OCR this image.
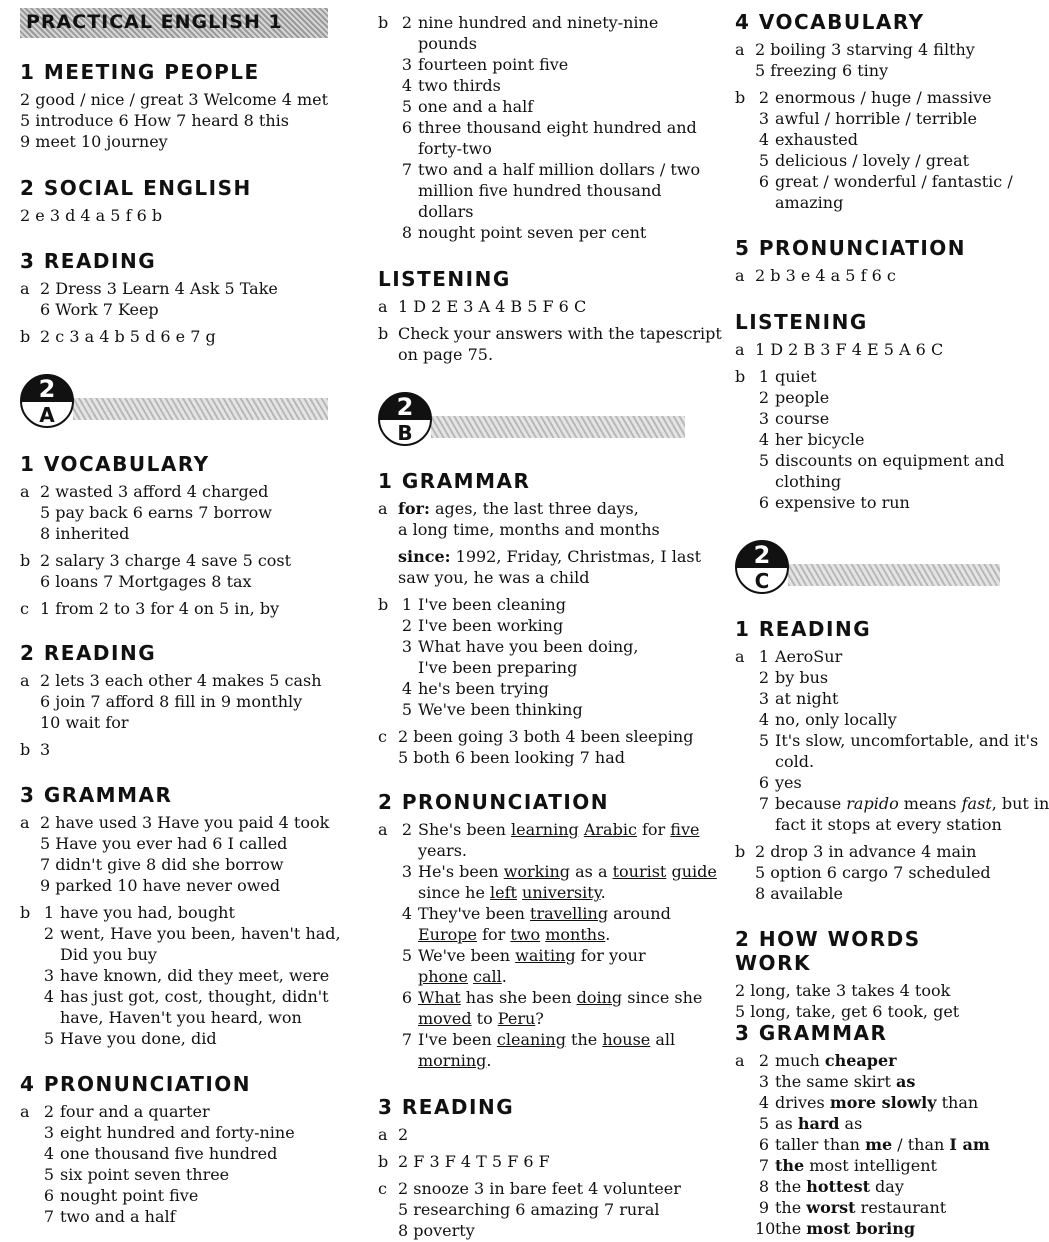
PRACTICAL ENGLISH 1
1 MEETING PEOPLE
2 good / nice / great 3 Welcome 4 met
5 introduce 6 How 7 heard 8 this
9 meet 10 journey
2 SOCIAL ENGLISH
2 e 3 d 4 a 5 f 6 b
3 READING
a 2 Dress 3 Learn 4 Ask 5 Take
6 Work 7 Keep
b 2 c 3 a 4 b 5 d 6 e 7 g
2
A
1 VOCABULARY
a 2 wasted 3 afford 4 charged
5 pay back 6 earns 7 borrow
8 inherited
b 2 salary 3 charge 4 save 5 cost
6 loans 7 Mortgages 8 tax
c 1 from 2 to 3 for 4 on 5 in, by
2 READING
a 2 lets 3 each other 4 makes 5 cash
6 join 7 afford 8 fill in 9 monthly
10 wait for
b 3
3 GRAMMAR
a 2 have used 3 Have you paid 4 took
5 Have you ever had 6 I called
7 didn't give 8 did she borrow
9 parked 10 have never owed
b 1 have you had, bought
2 went, Have you been, haven't had,
Did you buy
3 have known, did they meet, were
4 has just got, cost, thought, didn't
have, Haven't you heard, won
5 Have you done, did
4 PRONUNCIATION
a 2 four and a quarter
3 eight hundred and forty-nine
4 one thousand five hundred
5 six point seven three
6 nought point five
7 two and a half
b 2 nine hundred and ninety-nine
pounds
3 fourteen point five
4 two thirds
5 one and a half
6 three thousand eight hundred and
forty-two
7 two and a half million dollars / two
million five hundred thousand
dollars
8 nought point seven per cent
LISTENING
a 1 D 2 E 3 A 4 B 5 F 6 C
b Check your answers with the tapescript
on page 75.
2
B
1 GRAMMAR
a for: ages, the last three days,
a long time, months and months
since: 1992, Friday, Christmas, I last
saw you, he was a child
b 1 I've been cleaning
2 I've been working
3 What have you been doing,
I've been preparing
4 he's been trying
5 We've been thinking
c 2 been going 3 both 4 been sleeping
5 both 6 been looking 7 had
2 PRONUNCIATION
a 2 She's been learning Arabic for five
years.
3 He's been working as a tourist guide
since he left university.
4 They've been travelling around
Europe for two months.
5 We've been waiting for your
phone call.
6 What has she been doing since she
moved to Peru?
7 I've been cleaning the house all
morning.
3 READING
a 2
b 2 F 3 F 4 T 5 F 6 F
c 2 snooze 3 in bare feet 4 volunteer
5 researching 6 amazing 7 rural
8 poverty
4 VOCABULARY
a 2 boiling 3 starving 4 filthy
5 freezing 6 tiny
b 2 enormous / huge / massive
3 awful / horrible / terrible
4 exhausted
5 delicious / lovely / great
6 great / wonderful / fantastic /
amazing
5 PRONUNCIATION
a 2 b 3 e 4 a 5 f 6 c
LISTENING
a 1 D 2 B 3 F 4 E 5 A 6 C
b 1 quiet
2 people
3 course
4 her bicycle
5 discounts on equipment and
clothing
6 expensive to run
2
C
1 READING
a 1 AeroSur
2 by bus
3 at night
4 no, only locally
5 It's slow, uncomfortable, and it's
cold.
6 yes
7 because rapido means fast, but in
fact it stops at every station
b 2 drop 3 in advance 4 main
5 option 6 cargo 7 scheduled
8 available
2 HOW WORDS WORK
2 long, take 3 takes 4 took
5 long, take, get 6 took, get
3 GRAMMAR
a 2 much cheaper
3 the same skirt as
4 drives more slowly than
5 as hard as
6 taller than me / than I am
7 the most intelligent
8 the hottest day
9 the worst restaurant
10 the most boring
